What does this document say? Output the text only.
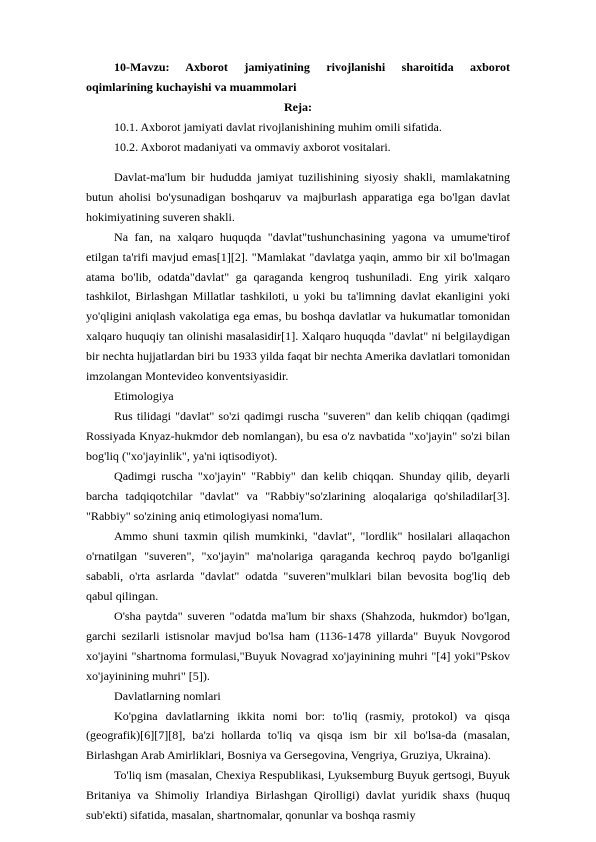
10-Mavzu: Axborot jamiyatining rivojlanishi sharoitida axborot oqimlarining kuchayishi va muammolari

Reja:

10.1. Axborot jamiyati davlat rivojlanishining muhim omili sifatida.

10.2. Axborot madaniyati va ommaviy axborot vositalari.

Davlat-ma'lum bir hududda jamiyat tuzilishining siyosiy shakli, mamlakatning butun aholisi bo'ysunadigan boshqaruv va majburlash apparatiga ega bo'lgan davlat hokimiyatining suveren shakli.

Na fan, na xalqaro huquqda "davlat"tushunchasining yagona va umume'tirof etilgan ta'rifi mavjud emas[1][2]. "Mamlakat "davlatga yaqin, ammo bir xil bo'lmagan atama bo'lib, odatda"davlat" ga qaraganda kengroq tushuniladi. Eng yirik xalqaro tashkilot, Birlashgan Millatlar tashkiloti, u yoki bu ta'limning davlat ekanligini yoki yo'qligini aniqlash vakolatiga ega emas, bu boshqa davlatlar va hukumatlar tomonidan xalqaro huquqiy tan olinishi masalasidir[1]. Xalqaro huquqda "davlat" ni belgilaydigan bir nechta hujjatlardan biri bu 1933 yilda faqat bir nechta Amerika davlatlari tomonidan imzolangan Montevideo konventsiyasidir.

Etimologiya

Rus tilidagi "davlat" so'zi qadimgi ruscha "suveren" dan kelib chiqqan (qadimgi Rossiyada Knyaz-hukmdor deb nomlangan), bu esa o'z navbatida "xo'jayin" so'zi bilan bog'liq ("xo'jayinlik", ya'ni iqtisodiyot).

Qadimgi ruscha "xo'jayin" "Rabbiy" dan kelib chiqqan. Shunday qilib, deyarli barcha tadqiqotchilar "davlat" va "Rabbiy"so'zlarining aloqalariga qo'shiladilar[3]. "Rabbiy" so'zining aniq etimologiyasi noma'lum.

Ammo shuni taxmin qilish mumkinki, "davlat", "lordlik" hosilalari allaqachon o'rnatilgan "suveren", "xo'jayin" ma'nolariga qaraganda kechroq paydo bo'lganligi sababli, o'rta asrlarda "davlat" odatda "suveren"mulklari bilan bevosita bog'liq deb qabul qilingan.

O'sha paytda" suveren "odatda ma'lum bir shaxs (Shahzoda, hukmdor) bo'lgan, garchi sezilarli istisnolar mavjud bo'lsa ham (1136-1478 yillarda" Buyuk Novgorod xo'jayini "shartnoma formulasi,"Buyuk Novagrad xo'jayinining muhri "[4] yoki"Pskov xo'jayinining muhri" [5]).

Davlatlarning nomlari

Ko'pgina davlatlarning ikkita nomi bor: to'liq (rasmiy, protokol) va qisqa (geografik)[6][7][8], ba'zi hollarda to'liq va qisqa ism bir xil bo'lsa-da (masalan, Birlashgan Arab Amirliklari, Bosniya va Gersegovina, Vengriya, Gruziya, Ukraina).

To'liq ism (masalan, Chexiya Respublikasi, Lyuksemburg Buyuk gertsogi, Buyuk Britaniya va Shimoliy Irlandiya Birlashgan Qirolligi) davlat yuridik shaxs (huquq sub'ekti) sifatida, masalan, shartnomalar, qonunlar va boshqa rasmiy
